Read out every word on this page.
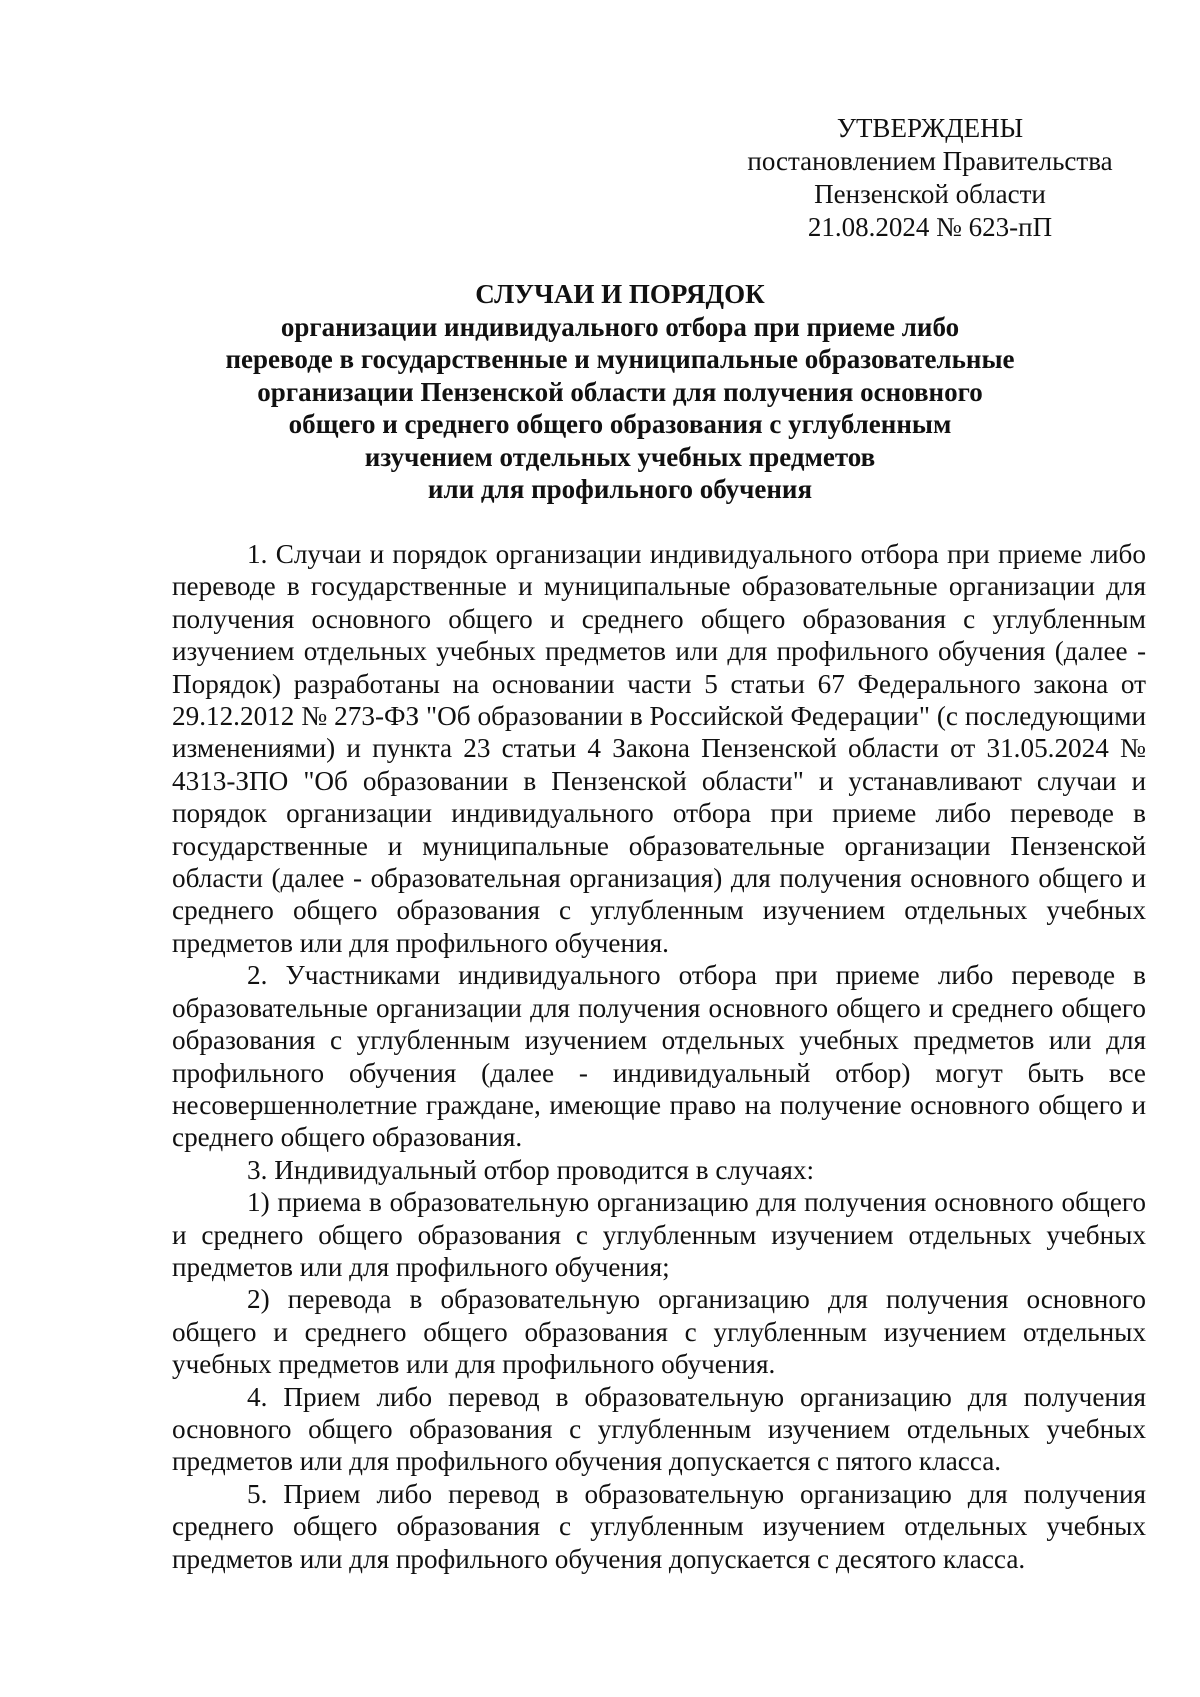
УТВЕРЖДЕНЫ
постановлением Правительства
Пензенской области
21.08.2024 № 623-пП
СЛУЧАИ И ПОРЯДОК
организации индивидуального отбора при приеме либо
переводе в государственные и муниципальные образовательные
организации Пензенской области для получения основного
общего и среднего общего образования с углубленным
изучением отдельных учебных предметов
или для профильного обучения

1. Случаи и порядок организации индивидуального отбора при приеме либо переводе в государственные и муниципальные образовательные организации для получения основного общего и среднего общего образования с углубленным изучением отдельных учебных предметов или для профильного обучения (далее - Порядок) разработаны на основании части 5 статьи 67 Федерального закона от 29.12.2012 № 273-ФЗ "Об образовании в Российской Федерации" (с последующими изменениями) и пункта 23 статьи 4 Закона Пензенской области от 31.05.2024 № 4313-ЗПО "Об образовании в Пензенской области" и устанавливают случаи и порядок организации индивидуального отбора при приеме либо переводе в государственные и муниципальные образовательные организации Пензенской области (далее - образовательная организация) для получения основного общего и среднего общего образования с углубленным изучением отдельных учебных предметов или для профильного обучения.

2. Участниками индивидуального отбора при приеме либо переводе в образовательные организации для получения основного общего и среднего общего образования с углубленным изучением отдельных учебных предметов или для профильного обучения (далее - индивидуальный отбор) могут быть все несовершеннолетние граждане, имеющие право на получение основного общего и среднего общего образования.

3. Индивидуальный отбор проводится в случаях:

1) приема в образовательную организацию для получения основного общего и среднего общего образования с углубленным изучением отдельных учебных предметов или для профильного обучения;

2) перевода в образовательную организацию для получения основного общего и среднего общего образования с углубленным изучением отдельных учебных предметов или для профильного обучения.

4. Прием либо перевод в образовательную организацию для получения основного общего образования с углубленным изучением отдельных учебных предметов или для профильного обучения допускается с пятого класса.

5. Прием либо перевод в образовательную организацию для получения среднего общего образования с углубленным изучением отдельных учебных предметов или для профильного обучения допускается с десятого класса.
